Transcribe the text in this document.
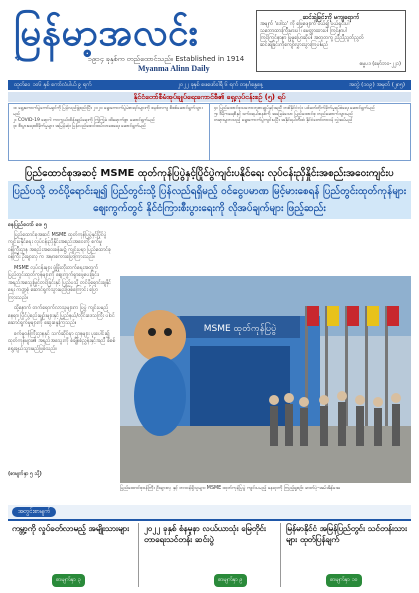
မြန်မာ့အလင်း
❖	၁၉၁၄ ခုနှစ်က တည်ထောင်သည်။ Established in 1914
Myanma Alinn Daily
ဆင်းရဲခြင်းကို မကျရောက်
အမျက် 'ဒေါသ' ကို ဖြေ့ဖျောက် ပယ်၍ ပယ်ရှင်းပါ
သဘောထားကြီးမားပါ ၊ မေတ္တာထားပါ၊ ကြင်နာပါ
ကြင်ကြင်နာနာ ပြုမူပြောဆိုပါ၊ အတူတကွ ညီညီညွတ်ညွတ်
ဆင်းရဲခြင်းကိုကျော်လွှားသွားကြပါမည်
ဓမ္မပဒ (မှော်ဘဝ-၂၂၁)
ထုတ်ဝေ ၁၀၆ နှစ် ကော်လံပါယ် ၉ ရက်	၂၀၂၂ ခုနှစ် ဖေဖော်ဝါရီ ၆ ရက် တနင်္ဂနွေနေ့	အတွဲ (၁၀၉) အမှတ် (၂၈၅)
နိုင်ငံတော်စီမံအုပ်ချုပ်ရေးကောင်စီ၏ ရှေ့လုပ်ငန်းစဉ် (၅) ရပ်
၁။ ရွေးကောက်ပွဲကော်မရှင်ကို ပြန်လည်ဖွဲ့စည်းပြီး ၂၀၂၀ ရွေးကောက်ပွဲမဲစာရင်းများကို စနစ်တကျ စိစစ်ဆောင်ရွက်သွားမည်
၂။ COVID-19 ရောဂါ ကာကွယ်ထိန်းချုပ်ရေးကို ကြံ့ကြံ့ခံ ထိရောက်စွာ ဆောင်ရွက်မည်
၃။ စီးပွားရေးထိခိုက်မှုများ အမြန်ဆုံး ပြန်လည်ဖောင်ထပ်လာစေရေး ဆောင်ရွက်မည်
၄။ ပြည်ထောင်စုသဘောတူစာချုပ်နှင့်အညီ တစ်နိုင်ငံလုံး ပစ်ခတ်တိုက်ခိုက်မှုရပ်စဲရေး ဆောင်ရွက်မည်
၅။ ဒီမိုကရေစီနှင့် ဖက်ဒရယ်စနစ်ကို အခြေခံသော ပြည်ထောင်စု တည်ဆောက်သွားမည်
တရားမျှတသည့် ရွေးကောက်ပွဲကျင်းပပြီး အနိုင်ရပါတီထံ နိုင်ငံတော်တာဝန် လွှဲအပ်မည်
ပြည်ထောင်စုအဆင့် MSME ထုတ်ကုန်ပြပွဲနှင့်ပြိုင်ပွဲကျင်းပနိုင်ရေး လုပ်ငန်းညှိနှိုင်းအစည်းအဝေးကျင်းပ
ပြည်ပသို့ တင်ပို့ရောင်းချ၍ ပြည်တွင်းသို့ ပြန်လည်ရရှိမည့် ဝင်ငွေပမာဏ မြင့်မားစေရန် ပြည်တွင်းထုတ်ကုန်များ ဈေးကွက်တွင် နိုင်ငံကြားစီးပွားရေးကို လိုအပ်ချက်များ ဖြည့်ဆည်း
နေပြည်တော် ဖေ ၅
ပြည်ထောင်စုအဆင့် MSME ထုတ်ကုန်ပြပွဲနှင့်ပြိုင်ပွဲ ကျင်းပနိုင်ရေး လုပ်ငန်းညှိနှိုင်းအစည်းအဝေးကို စက်မှုဝန်ကြီးဌာန အစည်းအဝေးခန်းမ၌ ကျင်းပရာ ပြည်ထောင်စုဝန်ကြီး ဦးချားလှ က အမှာစကားပြောကြားသည်။
MSME လုပ်ငန်းများ ဖွံ့ဖြိုးတိုးတက်ရေးအတွက် ပြည်တွင်းထုတ်ကုန်များကို ဈေးကွက်ရှာဖွေပေးခြင်း၊ အရည်အသွေးမြှင့်တင်ခြင်းနှင့် ပြည်ပသို့ တင်ပို့ရောင်းချနိုင်ရေး ကဏ္ဍစုံ ဆောင်ရွက်သွားမည်ဖြစ်ကြောင်း ပြောကြားသည်။
ထို့နောက် တက်ရောက်လာသူများက ပြပွဲ ကျင်းပမည့်နေရာ၊ ပြိုင်ပွဲစည်းမျဉ်းများနှင့် ပြည်နယ်/တိုင်းဒေသကြီး ပါဝင်ဆောင်ရွက်မှုများကို ဆွေးနွေးကြသည်။
စက်မှုဝန်ကြီးဌာနနှင့် သက်ဆိုင်ရာ ဌာနများ ပူးပေါင်း၍ ထုတ်ကုန်များ၏ အရည်အသွေးကို စံချိန်စံညွှန်းနှင့်အညီ စိစစ်ရွေးချယ်သွားမည်ဖြစ်သည်။
(စာမျက်နှာ ၅ သို့)
MSME ထုတ်ကုန်ပြပွဲ
ပြည်ထောင်စုဝန်ကြီး ဦးချားလှ နှင့် တာဝန်ရှိသူများ MSME ထုတ်ကုန်ပြပွဲ ကျင်းပမည့် နေရာကို ကြည့်ရှုစဉ်။ ဓာတ်ပုံ-အမ်အိန်အေ
အတွင်းစာမျက်
ကမ္ဘာ့ကို လှုပ်ခတ်လာမည့် အမျိုးသားများ
စာမျက်နှာ ၃
၂၀၂၂ ခုနှစ် စံနမူနာ လယ်ယာသုံး မြေတိုင်းတာရေးသင်တန်း ဆင်းပွဲ
စာမျက်နှာ ၉
မြန်မာနိုင်ငံ အမြန်ပြည်တွင်း သင်တန်းသားများ ထုတ်ပြန်ချက်
စာမျက်နှာ ၁၀
